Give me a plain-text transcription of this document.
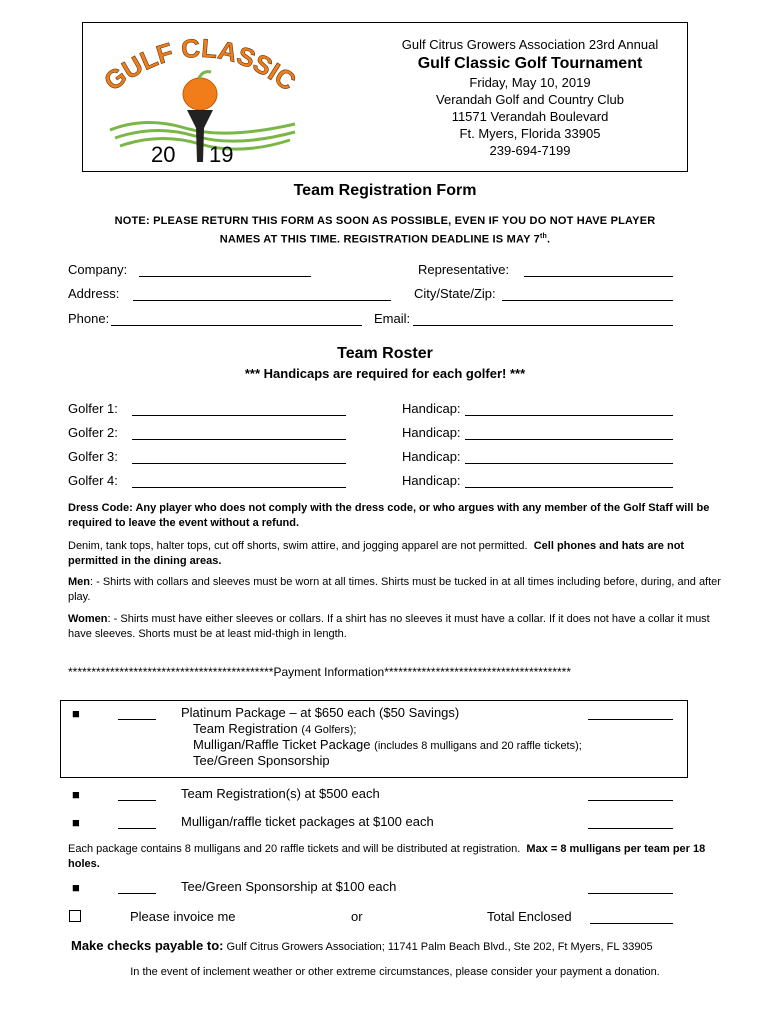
GULF CLASSIC
20 19
Gulf Citrus Growers Association 23rd Annual
Gulf Classic Golf Tournament
Friday, May 10, 2019
Verandah Golf and Country Club
11571 Verandah Boulevard
Ft. Myers, Florida 33905
239-694-7199
Team Registration Form
NOTE: PLEASE RETURN THIS FORM AS SOON AS POSSIBLE, EVEN IF YOU DO NOT HAVE PLAYER
NAMES AT THIS TIME. REGISTRATION DEADLINE IS MAY 7th.
Company:	Representative:
Address:	City/State/Zip:
Phone:	Email:
Team Roster
*** Handicaps are required for each golfer! ***
Golfer 1:	Handicap:
Golfer 2:	Handicap:
Golfer 3:	Handicap:
Golfer 4:	Handicap:
Dress Code: Any player who does not comply with the dress code, or who argues with any member of the Golf Staff will be required to leave the event without a refund.
Denim, tank tops, halter tops, cut off shorts, swim attire, and jogging apparel are not permitted. Cell phones and hats are not permitted in the dining areas.
Men: - Shirts with collars and sleeves must be worn at all times. Shirts must be tucked in at all times including before, during, and after play.
Women: - Shirts must have either sleeves or collars. If a shirt has no sleeves it must have a collar. If it does not have a collar it must have sleeves. Shorts must be at least mid-thigh in length.
********************************************Payment Information****************************************
■	Platinum Package – at $650 each ($50 Savings)
Team Registration (4 Golfers);
Mulligan/Raffle Ticket Package (includes 8 mulligans and 20 raffle tickets);
Tee/Green Sponsorship
■	Team Registration(s) at $500 each
■	Mulligan/raffle ticket packages at $100 each
Each package contains 8 mulligans and 20 raffle tickets and will be distributed at registration. Max = 8 mulligans per team per 18 holes.
■	Tee/Green Sponsorship at $100 each
Please invoice me	or	Total Enclosed
Make checks payable to: Gulf Citrus Growers Association; 11741 Palm Beach Blvd., Ste 202, Ft Myers, FL 33905
In the event of inclement weather or other extreme circumstances, please consider your payment a donation.
